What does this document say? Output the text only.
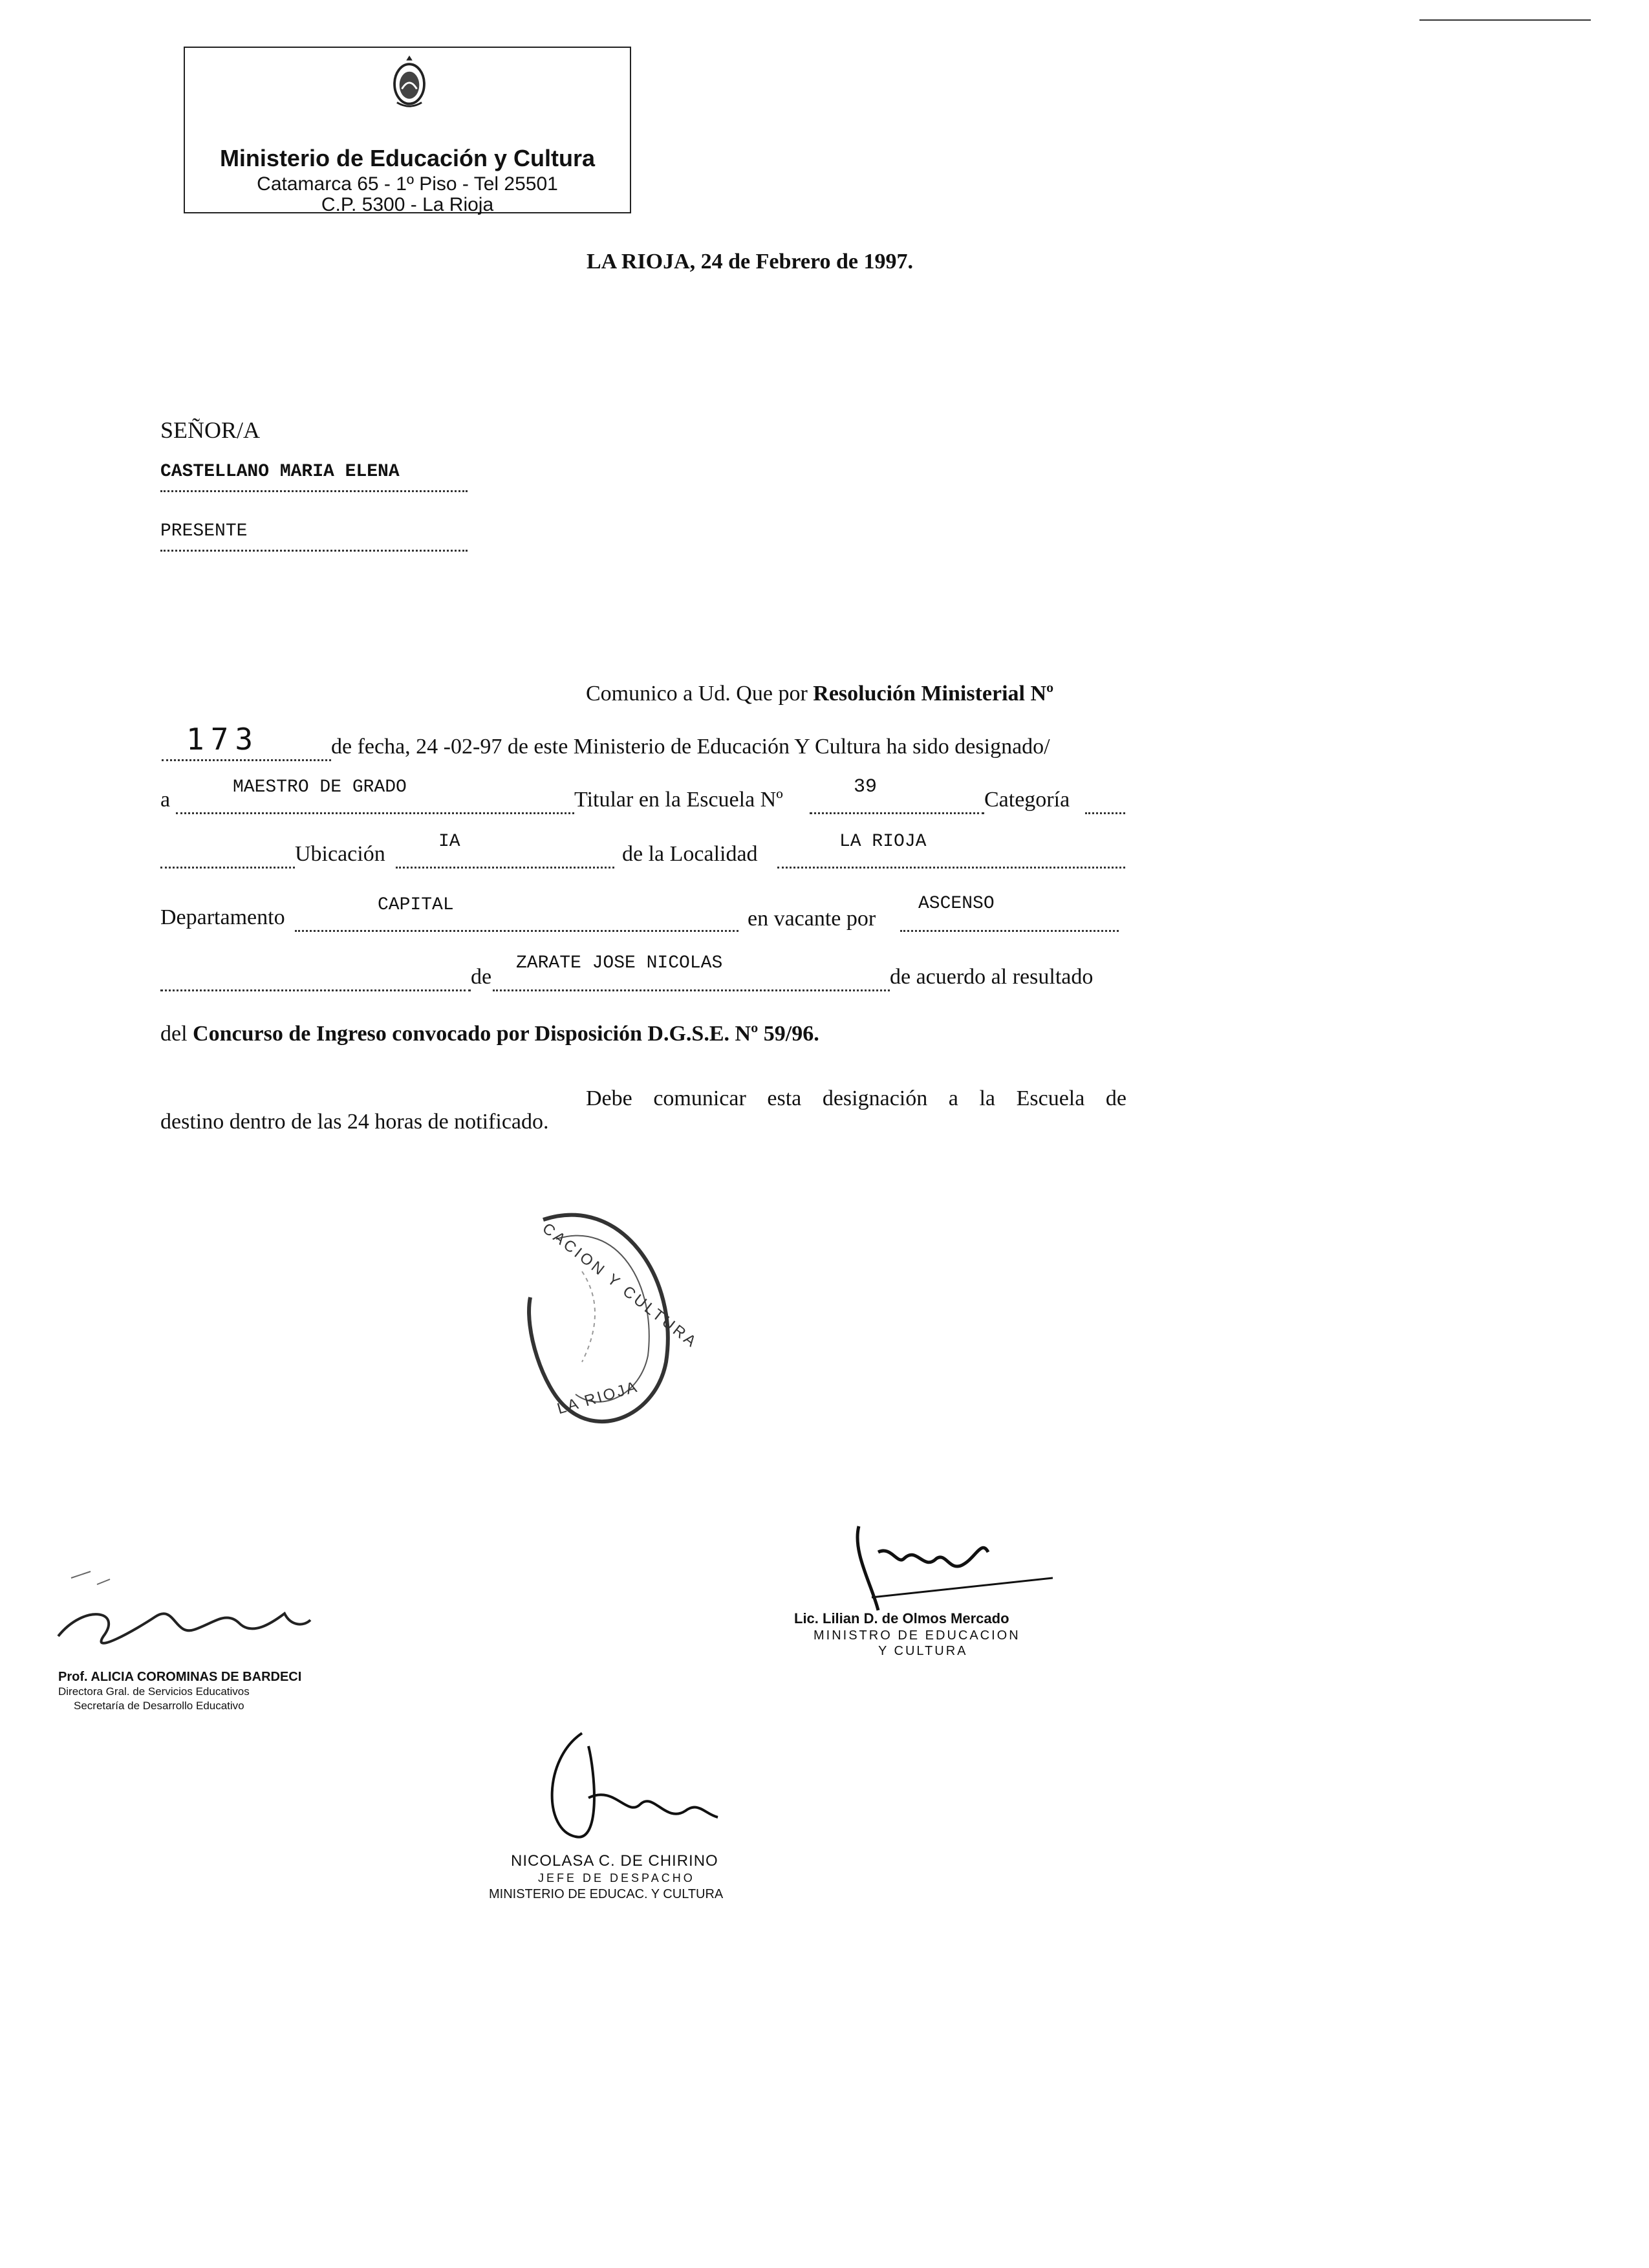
Ministerio de Educación y Cultura
Catamarca 65 - 1º Piso - Tel 25501
C.P. 5300 - La Rioja
LA RIOJA, 24 de Febrero de 1997.
SEÑOR/A
CASTELLANO MARIA ELENA
PRESENTE
Comunico a Ud. Que por Resolución Ministerial Nº
173	de fecha, 24 -02-97 de este Ministerio de Educación Y Cultura ha sido designado/
a
MAESTRO DE GRADO
Titular en la Escuela Nº
39
Categoría
Ubicación
IA
de la Localidad
LA RIOJA
Departamento
CAPITAL
en vacante por
ASCENSO
de
ZARATE JOSE NICOLAS
de acuerdo al resultado
del Concurso de Ingreso convocado por Disposición D.G.S.E. Nº 59/96.
Debe comunicar esta designación a la Escuela de
destino dentro de las 24 horas de notificado.
CACION Y CULTURA
LA RIOJA
Prof. ALICIA COROMINAS DE BARDECI
Directora Gral. de Servicios Educativos
Secretaría de Desarrollo Educativo
Lic. Lilian D. de Olmos Mercado
MINISTRO DE EDUCACION
Y CULTURA
NICOLASA C. DE CHIRINO
JEFE DE DESPACHO
MINISTERIO DE EDUCAC. Y CULTURA
